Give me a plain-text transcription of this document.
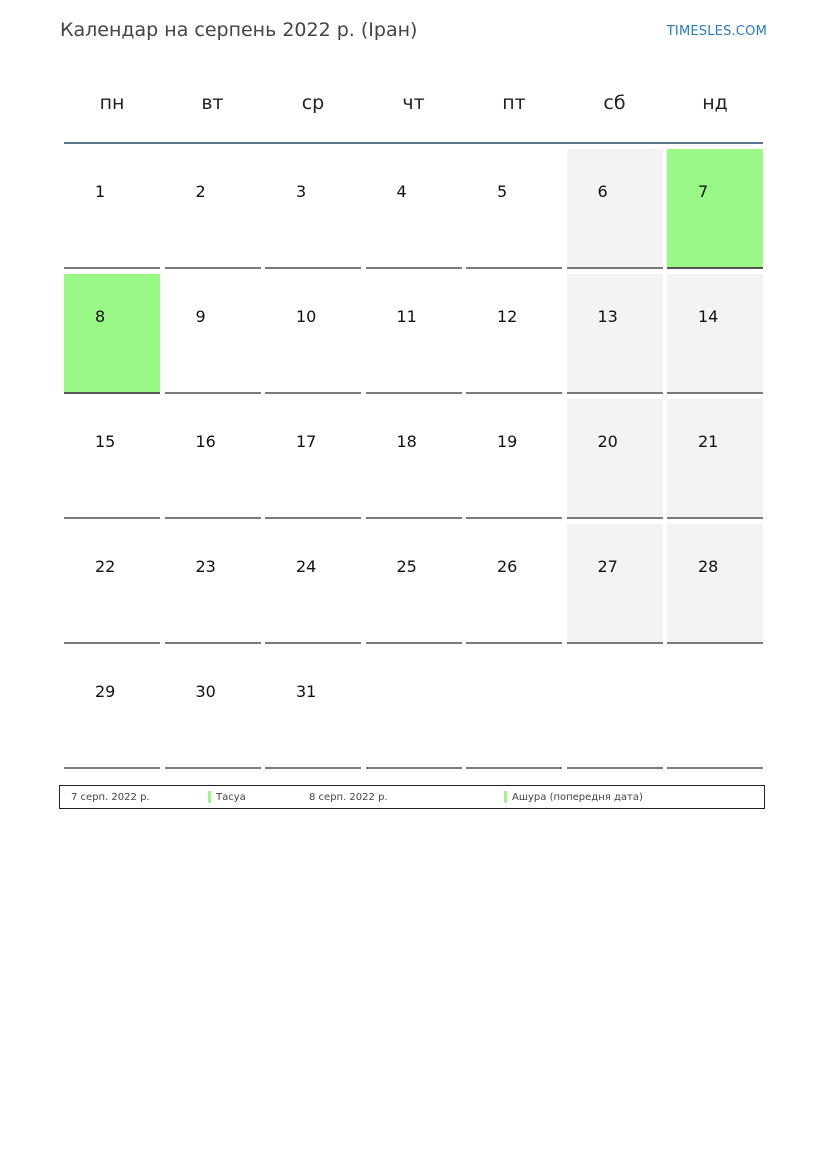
Календар на серпень 2022 р. (Іран)	TIMESLES.COM
пн	вт	ср	чт	пт	сб	нд
1	2	3	4	5	6	7
8	9	10	11	12	13	14
15	16	17	18	19	20	21
22	23	24	25	26	27	28
29	30	31
7 серп. 2022 р.	Тасуа	8 серп. 2022 р.	Ашура (попередня дата)
